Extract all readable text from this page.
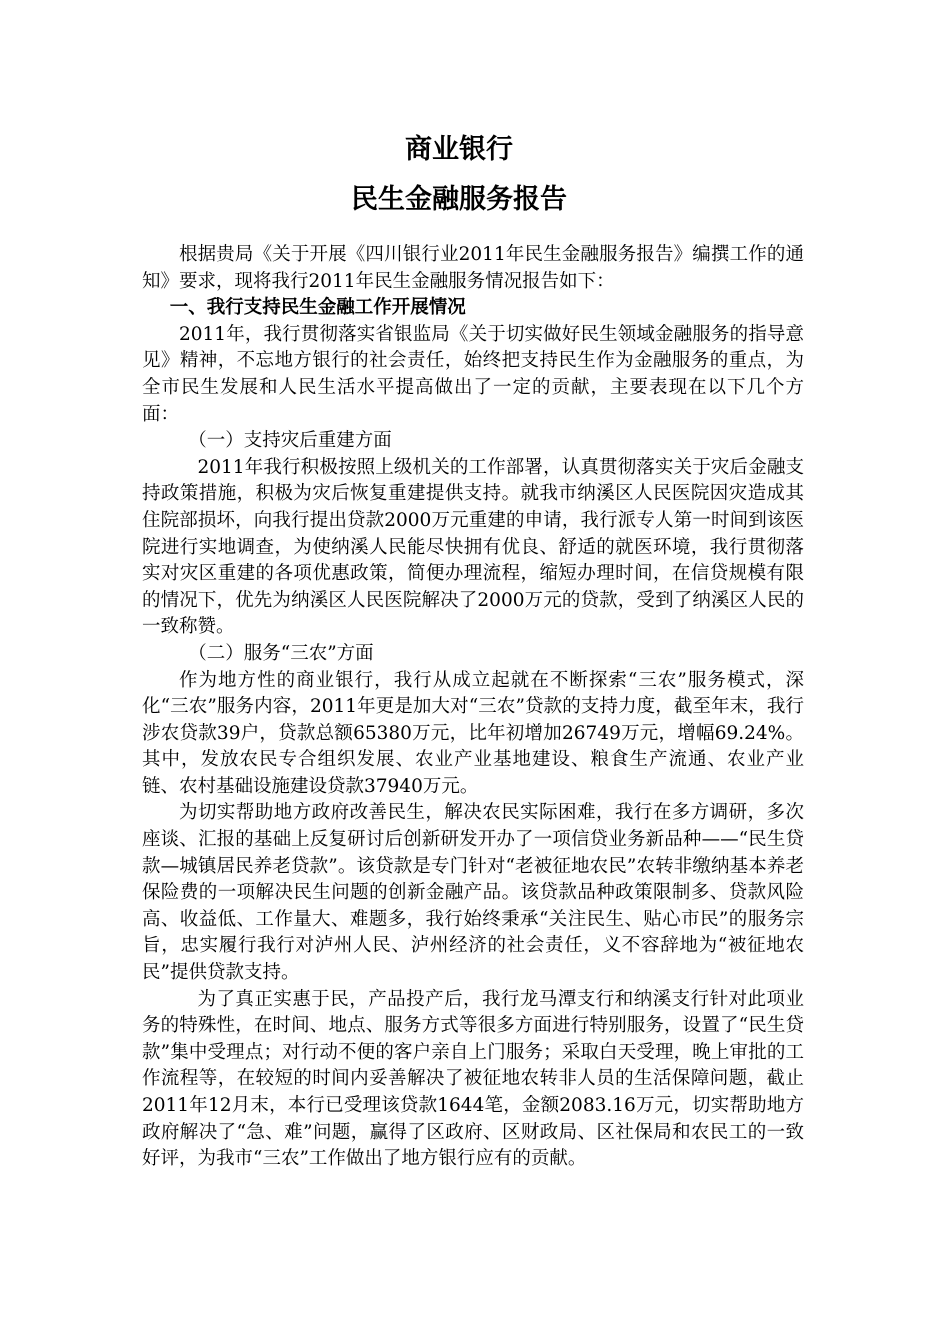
商业银行
民生金融服务报告

根据贵局《关于开展《四川银行业2011年民生金融服务报告》编撰工作的通知》要求，现将我行2011年民生金融服务情况报告如下：

一、我行支持民生金融工作开展情况

2011年，我行贯彻落实省银监局《关于切实做好民生领域金融服务的指导意见》精神，不忘地方银行的社会责任，始终把支持民生作为金融服务的重点，为全市民生发展和人民生活水平提高做出了一定的贡献，主要表现在以下几个方面：

（一）支持灾后重建方面

2011年我行积极按照上级机关的工作部署，认真贯彻落实关于灾后金融支持政策措施，积极为灾后恢复重建提供支持。就我市纳溪区人民医院因灾造成其住院部损坏，向我行提出贷款2000万元重建的申请，我行派专人第一时间到该医院进行实地调查，为使纳溪人民能尽快拥有优良、舒适的就医环境，我行贯彻落实对灾区重建的各项优惠政策，简便办理流程，缩短办理时间，在信贷规模有限的情况下，优先为纳溪区人民医院解决了2000万元的贷款，受到了纳溪区人民的一致称赞。

（二）服务“三农”方面

作为地方性的商业银行，我行从成立起就在不断探索“三农”服务模式，深化“三农”服务内容，2011年更是加大对“三农”贷款的支持力度，截至年末，我行涉农贷款39户，贷款总额65380万元，比年初增加26749万元，增幅69.24%。其中，发放农民专合组织发展、农业产业基地建设、粮食生产流通、农业产业链、农村基础设施建设贷款37940万元。

为切实帮助地方政府改善民生，解决农民实际困难，我行在多方调研，多次座谈、汇报的基础上反复研讨后创新研发开办了一项信贷业务新品种——“民生贷款—城镇居民养老贷款”。该贷款是专门针对“老被征地农民”农转非缴纳基本养老保险费的一项解决民生问题的创新金融产品。该贷款品种政策限制多、贷款风险高、收益低、工作量大、难题多，我行始终秉承“关注民生、贴心市民”的服务宗旨，忠实履行我行对泸州人民、泸州经济的社会责任，义不容辞地为“被征地农民”提供贷款支持。

为了真正实惠于民，产品投产后，我行龙马潭支行和纳溪支行针对此项业务的特殊性，在时间、地点、服务方式等很多方面进行特别服务，设置了“民生贷款”集中受理点；对行动不便的客户亲自上门服务；采取白天受理，晚上审批的工作流程等，在较短的时间内妥善解决了被征地农转非人员的生活保障问题，截止2011年12月末，本行已受理该贷款1644笔，金额2083.16万元，切实帮助地方政府解决了“急、难”问题，赢得了区政府、区财政局、区社保局和农民工的一致好评，为我市“三农”工作做出了地方银行应有的贡献。
